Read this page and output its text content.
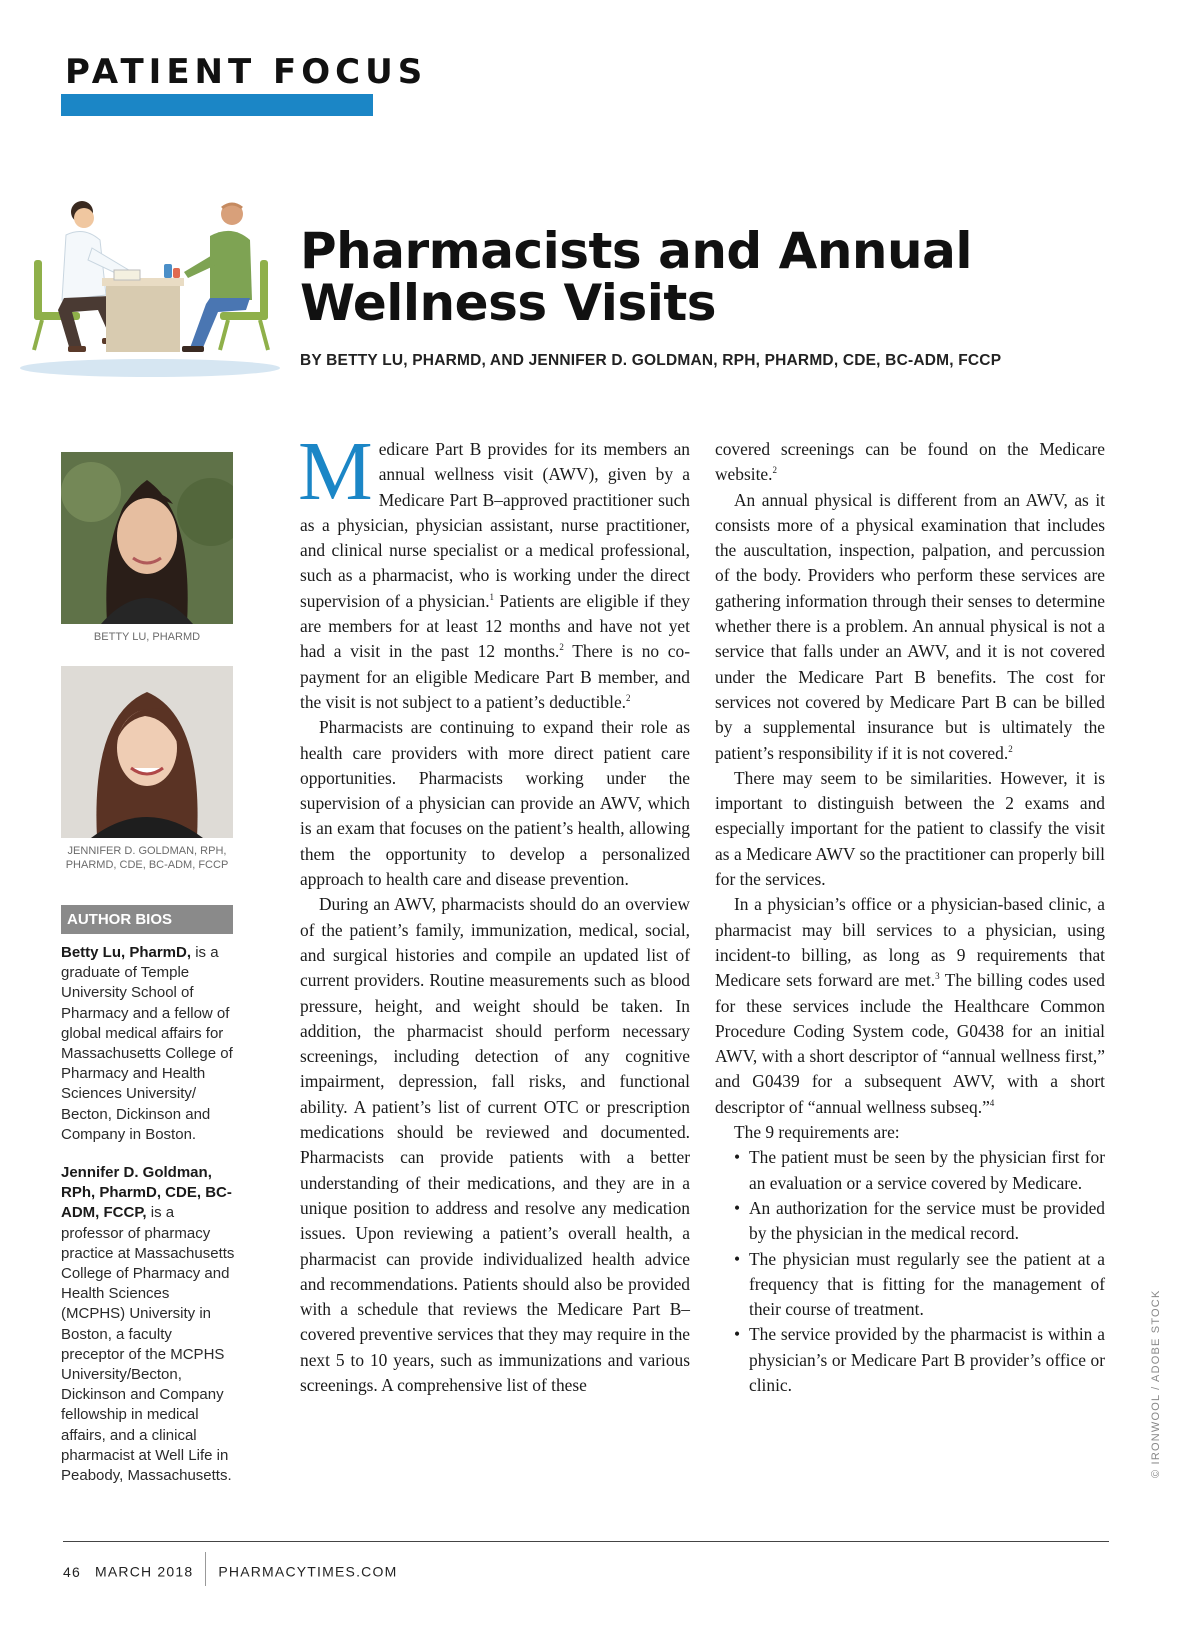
PATIENT FOCUS
Pharmacists and Annual
Wellness Visits
BY BETTY LU, PHARMD, AND JENNIFER D. GOLDMAN, RPH, PHARMD, CDE, BC-ADM, FCCP
BETTY LU, PHARMD
JENNIFER D. GOLDMAN, RPH,
PHARMD, CDE, BC-ADM, FCCP
AUTHOR BIOS

Betty Lu, PharmD, is a graduate of Temple University School of Pharmacy and a fellow of global medical affairs for Massachusetts College of Pharmacy and Health Sciences University/ Becton, Dickinson and Company in Boston.

Jennifer D. Goldman, RPh, PharmD, CDE, BC-ADM, FCCP, is a professor of pharmacy practice at Massachusetts College of Pharmacy and Health Sciences (MCPHS) University in Boston, a faculty preceptor of the MCPHS University/Becton, Dickinson and Company fellowship in medical affairs, and a clinical pharmacist at Well Life in Peabody, Massachusetts.

Medicare Part B provides for its members an annual wellness visit (AWV), given by a Medicare Part B–approved practitioner such as a physician, physician assistant, nurse practitioner, and clinical nurse specialist or a medical professional, such as a pharmacist, who is working under the direct supervision of a physician.$^1$ Patients are eligible if they are members for at least 12 months and have not yet had a visit in the past 12 months.$^2$ There is no co-payment for an eligible Medicare Part B member, and the visit is not subject to a patient’s deductible.$^2$

Pharmacists are continuing to expand their role as health care providers with more direct patient care opportunities. Pharmacists working under the supervision of a physician can provide an AWV, which is an exam that focuses on the patient’s health, allowing them the opportunity to develop a personalized approach to health care and disease prevention.

During an AWV, pharmacists should do an overview of the patient’s family, immunization, medical, social, and surgical histories and compile an updated list of current providers. Routine measurements such as blood pressure, height, and weight should be taken. In addition, the pharmacist should perform necessary screenings, including detection of any cognitive impairment, depression, fall risks, and functional ability. A patient’s list of current OTC or prescription medications should be reviewed and documented. Pharmacists can provide patients with a better understanding of their medications, and they are in a unique position to address and resolve any medication issues. Upon reviewing a patient’s overall health, a pharmacist can provide individualized health advice and recommendations. Patients should also be provided with a schedule that reviews the Medicare Part B–covered preventive services that they may require in the next 5 to 10 years, such as immunizations and various screenings. A comprehensive list of these

covered screenings can be found on the Medicare website.$^2$

An annual physical is different from an AWV, as it consists more of a physical examination that includes the auscultation, inspection, palpation, and percussion of the body. Providers who perform these services are gathering information through their senses to determine whether there is a problem. An annual physical is not a service that falls under an AWV, and it is not covered under the Medicare Part B benefits. The cost for services not covered by Medicare Part B can be billed by a supplemental insurance but is ultimately the patient’s responsibility if it is not covered.$^2$

There may seem to be similarities. However, it is important to distinguish between the 2 exams and especially important for the patient to classify the visit as a Medicare AWV so the practitioner can properly bill for the services.

In a physician’s office or a physician-based clinic, a pharmacist may bill services to a physician, using incident-to billing, as long as 9 requirements that Medicare sets forward are met.$^3$ The billing codes used for these services include the Healthcare Common Procedure Coding System code, G0438 for an initial AWV, with a short descriptor of “annual wellness first,” and G0439 for a subsequent AWV, with a short descriptor of “annual wellness subseq.”$^4$

The 9 requirements are:

• The patient must be seen by the physician first for an evaluation or a service covered by Medicare.
• An authorization for the service must be provided by the physician in the medical record.
• The physician must regularly see the patient at a frequency that is fitting for the management of their course of treatment.
• The service provided by the pharmacist is within a physician’s or Medicare Part B provider’s office or clinic.	© IRONWOOL / ADOBE STOCK
46 MARCH 2018 PHARMACYTIMES.COM
